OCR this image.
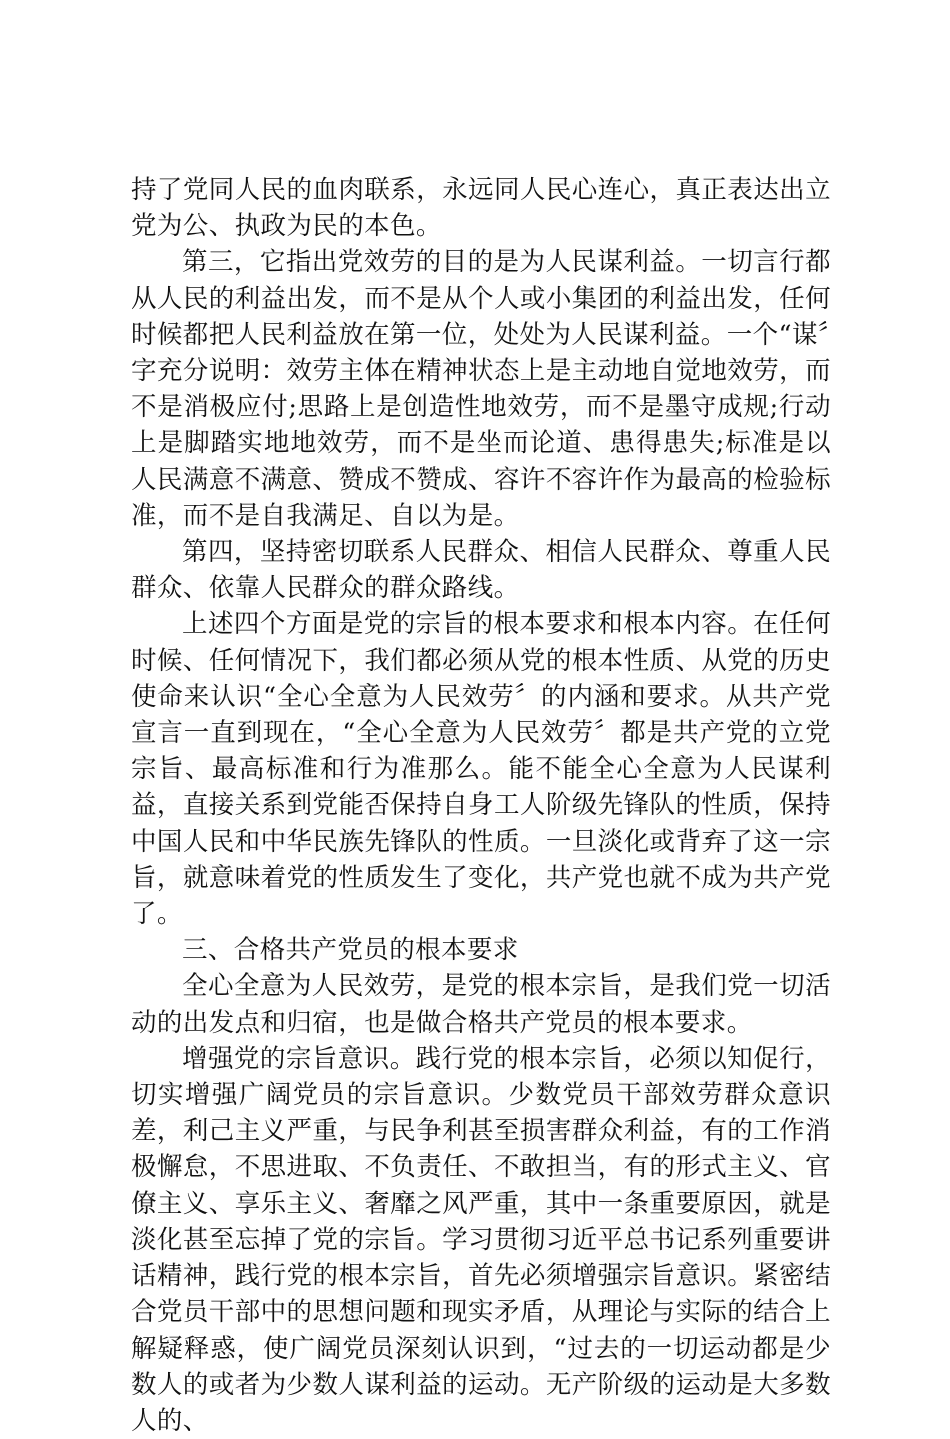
持了党同人民的血肉联系，永远同人民心连心，真正表达出立党为公、执政为民的本色。

第三，它指出党效劳的目的是为人民谋利益。一切言行都从人民的利益出发，而不是从个人或小集团的利益出发，任何时候都把人民利益放在第一位，处处为人民谋利益。一个“谋〞字充分说明：效劳主体在精神状态上是主动地自觉地效劳，而不是消极应付;思路上是创造性地效劳，而不是墨守成规;行动上是脚踏实地地效劳，而不是坐而论道、患得患失;标准是以人民满意不满意、赞成不赞成、容许不容许作为最高的检验标准，而不是自我满足、自以为是。

第四，坚持密切联系人民群众、相信人民群众、尊重人民群众、依靠人民群众的群众路线。

上述四个方面是党的宗旨的根本要求和根本内容。在任何时候、任何情况下，我们都必须从党的根本性质、从党的历史使命来认识“全心全意为人民效劳〞的内涵和要求。从共产党宣言一直到现在，“全心全意为人民效劳〞都是共产党的立党宗旨、最高标准和行为准那么。能不能全心全意为人民谋利益，直接关系到党能否保持自身工人阶级先锋队的性质，保持中国人民和中华民族先锋队的性质。一旦淡化或背弃了这一宗旨，就意味着党的性质发生了变化，共产党也就不成为共产党了。

三、合格共产党员的根本要求

全心全意为人民效劳，是党的根本宗旨，是我们党一切活动的出发点和归宿，也是做合格共产党员的根本要求。

增强党的宗旨意识。践行党的根本宗旨，必须以知促行，切实增强广阔党员的宗旨意识。少数党员干部效劳群众意识差，利己主义严重，与民争利甚至损害群众利益，有的工作消极懈怠，不思进取、不负责任、不敢担当，有的形式主义、官僚主义、享乐主义、奢靡之风严重，其中一条重要原因，就是淡化甚至忘掉了党的宗旨。学习贯彻习近平总书记系列重要讲话精神，践行党的根本宗旨，首先必须增强宗旨意识。紧密结合党员干部中的思想问题和现实矛盾，从理论与实际的结合上解疑释惑，使广阔党员深刻认识到，“过去的一切运动都是少数人的或者为少数人谋利益的运动。无产阶级的运动是大多数人的、
